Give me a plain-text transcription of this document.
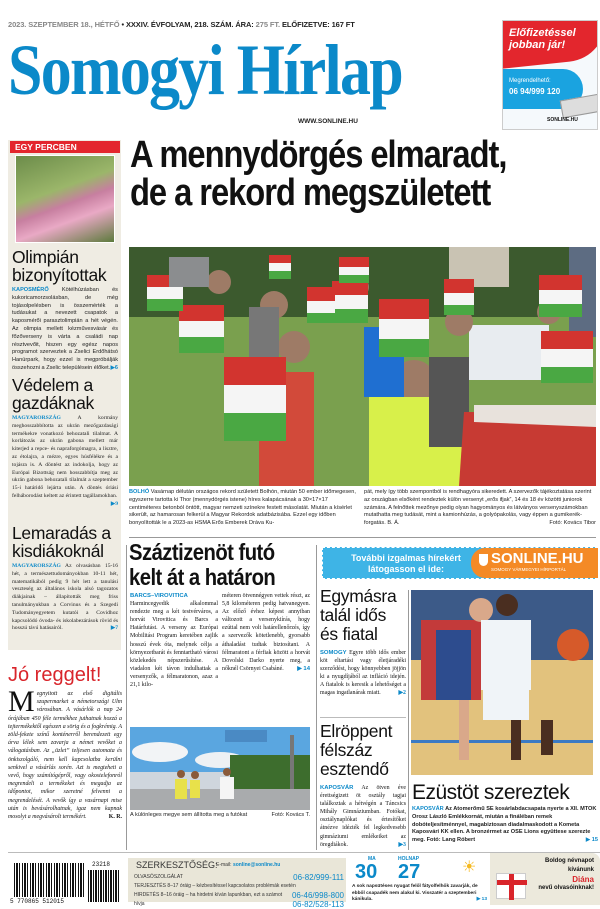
2023. SZEPTEMBER 18., HÉTFŐ • XXXIV. ÉVFOLYAM, 218. SZÁM. ÁRA: 275 FT. ELŐFIZETVE: 167 FT
Somogyi Hírlap
WWW.SONLINE.HU
Előfizetéssel jobban jár!
Megrendelhető:
06 94/999 120
SONLINE.HU
EGY PERCBEN
Olimpián bizonyítottak
KAPOSMÉRŐ Kötélhúzásban és kukoricamorzsolásban, de még tojásolpelésben is összemérték a tudásukat a nevezett csapatok a kaposmérői parasztolimpián a hét végén. Az olimpia mellett kézművesvásár és főzőverseny is várta a családi nap résztvevőit, hiszen egy egész napos programot szerveztek a Zselici Erdőhátsó Hanúrpark, hogy ezzel is megpróbálják összehozni a Zselic településein élőket. ▶6
Védelem a gazdáknak
MAGYARORSZÁG	A kormány meghosszabbította az ukrán mezőgazdasági termékekre vonatkozó behozatali tilalmat. A korlátozás az ukrán gabona mellett már kiterjed a repce- és napraforgómagra, a lisztre, az étolajra, a mézre, egyes húsfélékre és a tojásra is. A döntést az indokolja, hogy az Európai Bizottság nem hosszabbítja meg az ukrán gabona behozatali tilalmát a szeptember 15-i határidő lejárta után. A döntés óriási felháborodást keltett az érintett tagállamokban.
▶9
Lemaradás a kisdiákoknál
MAGYARORSZÁG Az olvasásban 15-16 hét, a természettudományokban 10-11 hét, matematikából pedig 9 hét lett a tanulási veszteség az általános iskola alsó tagozatos diákjainak – állapították meg friss tanulmányukban a Corvinus és a Szegedi Tudományegyetem kutatói a Covidhoz kapcsolódó óvoda- és iskolabezárások rövid és hosszú távú hatásairól.	▶7
Jó reggelt!
Megnyitott az első digitális szupermarket a németországi Ulm városában. A vásárlók a nap 24 órájában 450 féle termékhez juthatnak hozzá a tejtermékektől egészen a sörig és a fogkrémig. A zöld-fekete színű konténerről berendezett egy árva lélek sem zavarja a német vevőket a válogatásban. Az „üzlet” teljesen automata és önkiszolgáló, nem kell kapcsolatba kerülni senkivel a vásárlás sorén. Azt is megteheti a vevő, hogy számítógépről, vagy okostelefonról megrendeli a termékeket és megadja az időpontot, mikor szeretné felvenni a megrendelését. A vevők így a vasárnapi mise után is bevásárolhatnak, igaz nem kapnak mosolyt a megvásárolt termékért.	K. R.
A mennydörgés elmaradt,
de a rekord megszületett
BOLHÓ Vasárnap délután országos rekord született Bolhón, miután 50 ember időmegesen, egyszerre tartotta ki Thor (mennydörgés istene) híres kalapácsának a 30×17×17 centiméteres betonból öntött, magyar nemzeti színekre festett másolatát. Miután a kísérlet sikerült, az hamarosan felkerül a Magyar Rekordok adatbázisába. Ezzel egy időben bonyolították le a 2023-as HSMA Erős Emberek Dráva Ku-
pát, mely így több szempontból is rendhagyóra sikeredett. A szervezők tájékoztatása szerint az országban elsőként rendeztek külön versenyt „erős ifjak”, 14 és 18 év közötti juniorok számára. A felnőttek mezőnye pedig olyan hagyományos és látványos versenyszámokban mutathatta meg tudását, mint a kamionhúzás, a golyópakolás, vagy éppen a gumikerék-forgatás. B. Á.	Fotó: Kovács Tibor
Száztizenöt futó
kelt át a határon
BARCS–VIROVITICA Harmincegyedik alkalommal rendezte meg a két testvérváros, a horvát Virovitica és Barcs a Határfutást. A verseny az Európai Mobilitási Program keretében zajlik hosszú évek óta, melynek célja a környezetbarát és fenntartható városi közlekedés népszerűsítése. A viadalon két távon indulhattak a versenyzők, a félmaratonon, azaz a 21,1 kilo-
méteren ötvennégyen vettek részt, az 5,8 kilométeren pedig hatvanegyen. Az előző évhez képest annyiban változott a versenykiírás, hogy ezúttal nem volt határellenőrzés, így a szervezők kötetlenebb, gyorsabb áthaladást tudtak biztosítani. A félmaratont a férfiak között a horvát Dovolski Darko nyerte meg, a nőknél Csörnyei Csabáné. ▶ 14
A különleges megye sem állította meg a futókat	Fotó: Kovács T.
További izgalmas hírekért látogasson el ide:
SONLINE.HU
SOMOGY VÁRMEGYEI HÍRPORTÁL
Egymásra talál idős és fiatal
SOMOGY Egyre több idős ember köt eltartási vagy életjáradéki szerződést, hogy könnyebben jöjjön ki a nyugdíjából az infláció idején. A fiatalok is keresik a lehetőséget a magas ingatlanárak miatt.	▶2
Elröppent félszáz esztendő
KAPOSVÁR Az ötven éve érettségizett öt osztály tagjai találkoztak a hétvégén a Táncsics Mihály Gimnáziumban. Fotókat, osztálynaplókat és értesítőket átnézve idézték fel legkedvesebb gimnáziumi emlékeiket az öregdiákok.	▶3
Ezüstöt szereztek
KAPOSVÁR Az Atomerőmű SE kosárlabdacsapata nyerte a XII. MTOK Orosz László Emlékkornát, miután a fináléban remek dobóteljesítménnyel, magabiztosan diadalmaskodott a Kometa Kaposvári KK ellen. A bronzérmet az OSE Lions együttese szerezte meg. Fotó: Lang Róbert	▶ 15
5 770865 512015
23218	SZERKESZTŐSÉG:
E-mail: sonline@sonline.hu
OLVASÓSZOLGÁLAT	06-82/999-111
TERJESZTÉS 8–17 óráig – kézbesítéssel kapcsolatos problémák esetén
06-46/998-800
HIRDETÉS 8–16 óráig – ha hirdetni kíván lapunkban, ezt a számot hívja	06-82/528-113
MA
30
HOLNAP
27	☀
A sok napsütéses nyugat felől fátyolfelhők zavarják, de ebből csapadék nem alakul ki. Visszatér a szeptemberi kánikula.	▶ 13
Boldog névnapot kívánunk
Diána
nevű olvasóinknak!
